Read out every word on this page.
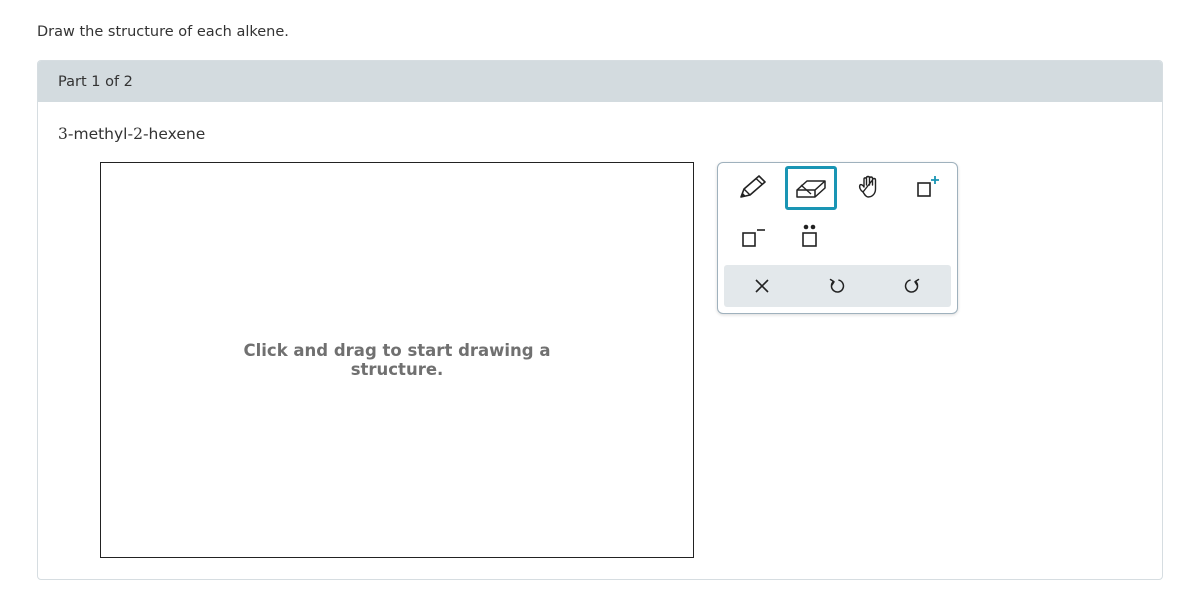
Draw the structure of each alkene.
Part 1 of 2
3-methyl-2-hexene
Click and drag to start drawing a structure.
